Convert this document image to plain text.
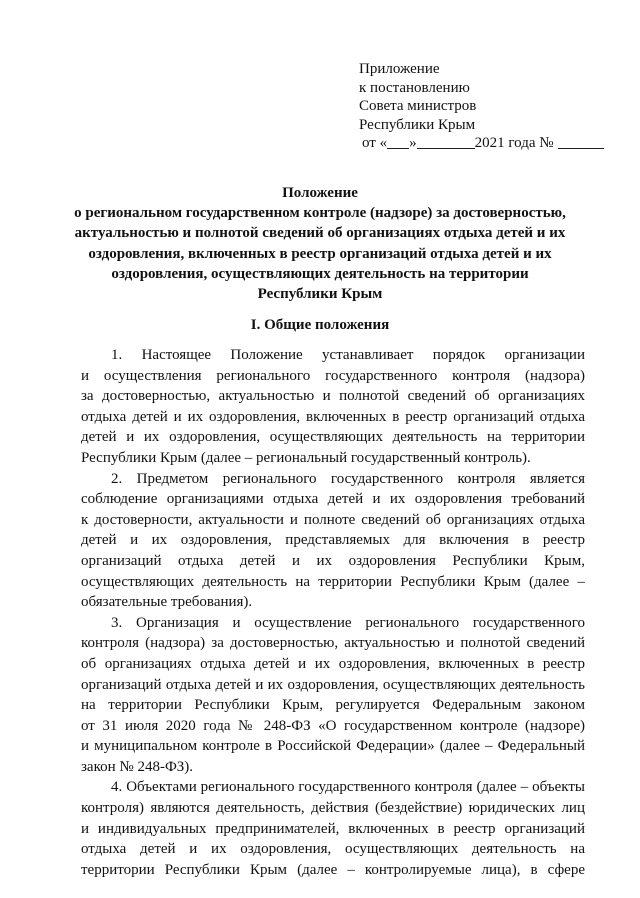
Приложение
к постановлению
Совета министров
Республики Крым
от « »	2021 года №
Положение
о региональном государственном контроле (надзоре) за достоверностью,
актуальностью и полнотой сведений об организациях отдыха детей и их
оздоровления, включенных в реестр организаций отдыха детей и их
оздоровления, осуществляющих деятельность на территории
Республики Крым
I. Общие положения
1. Настоящее Положение устанавливает порядок организации
и осуществления регионального государственного контроля (надзора)
за достоверностью, актуальностью и полнотой сведений об организациях
отдыха детей и их оздоровления, включенных в реестр организаций отдыха
детей и их оздоровления, осуществляющих деятельность на территории
Республики Крым (далее – региональный государственный контроль).
2. Предметом регионального государственного контроля является
соблюдение организациями отдыха детей и их оздоровления требований
к достоверности, актуальности и полноте сведений об организациях отдыха
детей и их оздоровления, представляемых для включения в реестр
организаций отдыха детей и их оздоровления Республики Крым,
осуществляющих деятельность на территории Республики Крым (далее –
обязательные требования).
3. Организация и осуществление регионального государственного
контроля (надзора) за достоверностью, актуальностью и полнотой сведений
об организациях отдыха детей и их оздоровления, включенных в реестр
организаций отдыха детей и их оздоровления, осуществляющих деятельность
на территории Республики Крым, регулируется Федеральным законом
от 31 июля 2020 года № 248-ФЗ «О государственном контроле (надзоре)
и муниципальном контроле в Российской Федерации» (далее – Федеральный
закон № 248-ФЗ).
4. Объектами регионального государственного контроля (далее – объекты
контроля) являются деятельность, действия (бездействие) юридических лиц
и индивидуальных предпринимателей, включенных в реестр организаций
отдыха детей и их оздоровления, осуществляющих деятельность на
территории Республики Крым (далее – контролируемые лица), в сфере
